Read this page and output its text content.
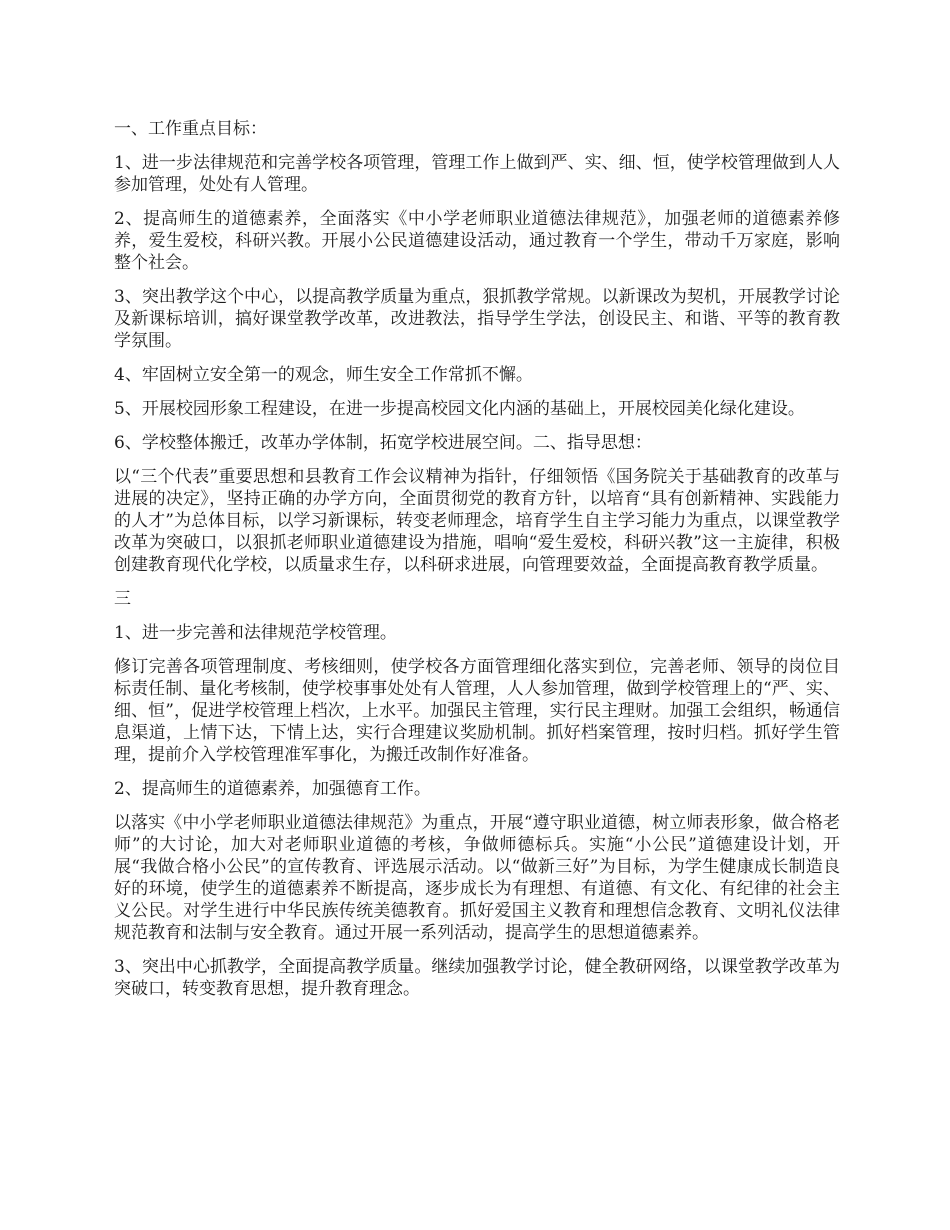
一、工作重点目标：

1、进一步法律规范和完善学校各项管理，管理工作上做到严、实、细、恒，使学校管理做到人人参加管理，处处有人管理。

2、提高师生的道德素养，全面落实《中小学老师职业道德法律规范》，加强老师的道德素养修养，爱生爱校，科研兴教。开展小公民道德建设活动，通过教育一个学生，带动千万家庭，影响整个社会。

3、突出教学这个中心，以提高教学质量为重点，狠抓教学常规。以新课改为契机，开展教学讨论及新课标培训，搞好课堂教学改革，改进教法，指导学生学法，创设民主、和谐、平等的教育教学氛围。

4、牢固树立安全第一的观念，师生安全工作常抓不懈。

5、开展校园形象工程建设，在进一步提高校园文化内涵的基础上，开展校园美化绿化建设。

6、学校整体搬迁，改革办学体制，拓宽学校进展空间。二、指导思想：

以“三个代表”重要思想和县教育工作会议精神为指针，仔细领悟《国务院关于基础教育的改革与进展的决定》，坚持正确的办学方向，全面贯彻党的教育方针，以培育“具有创新精神、实践能力的人才”为总体目标，以学习新课标，转变老师理念，培育学生自主学习能力为重点，以课堂教学改革为突破口，以狠抓老师职业道德建设为措施，唱响“爱生爱校，科研兴教”这一主旋律，积极创建教育现代化学校，以质量求生存，以科研求进展，向管理要效益，全面提高教育教学质量。

三

1、进一步完善和法律规范学校管理。

修订完善各项管理制度、考核细则，使学校各方面管理细化落实到位，完善老师、领导的岗位目标责任制、量化考核制，使学校事事处处有人管理，人人参加管理，做到学校管理上的“严、实、细、恒”，促进学校管理上档次，上水平。加强民主管理，实行民主理财。加强工会组织，畅通信息渠道，上情下达，下情上达，实行合理建议奖励机制。抓好档案管理，按时归档。抓好学生管理，提前介入学校管理准军事化，为搬迁改制作好准备。

2、提高师生的道德素养，加强德育工作。

以落实《中小学老师职业道德法律规范》为重点，开展“遵守职业道德，树立师表形象，做合格老师”的大讨论，加大对老师职业道德的考核，争做师德标兵。实施“小公民”道德建设计划，开展“我做合格小公民”的宣传教育、评选展示活动。以“做新三好”为目标，为学生健康成长制造良好的环境，使学生的道德素养不断提高，逐步成长为有理想、有道德、有文化、有纪律的社会主义公民。对学生进行中华民族传统美德教育。抓好爱国主义教育和理想信念教育、文明礼仪法律规范教育和法制与安全教育。通过开展一系列活动，提高学生的思想道德素养。

3、突出中心抓教学，全面提高教学质量。继续加强教学讨论，健全教研网络，以课堂教学改革为突破口，转变教育思想，提升教育理念。
